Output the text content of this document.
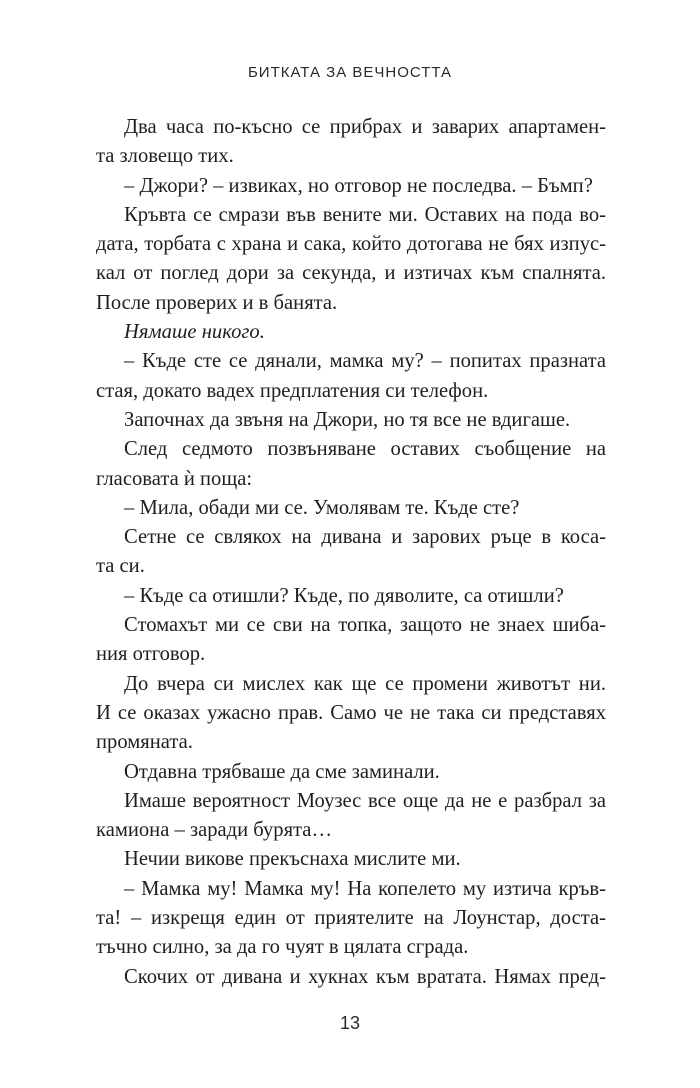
БИТКАТА ЗА ВЕЧНОСТТА
Два часа по-късно се прибрах и заварих апартамен-
та зловещо тих.
– Джори? – извиках, но отговор не последва. – Бъмп?
Кръвта се смрази във вените ми. Оставих на пода во-
дата, торбата с храна и сака, който дотогава не бях изпус-
кал от поглед дори за секунда, и изтичах към спалнята.
После проверих и в банята.
Нямаше никого.
– Къде сте се дянали, мамка му? – попитах празната
стая, докато вадех предплатения си телефон.
Започнах да звъня на Джори, но тя все не вдигаше.
След седмото позвъняване оставих съобщение на
гласовата ѝ поща:
– Мила, обади ми се. Умолявам те. Къде сте?
Сетне се свлякох на дивана и зарових ръце в коса-
та си.
– Къде са отишли? Къде, по дяволите, са отишли?
Стомахът ми се сви на топка, защото не знаех шиба-
ния отговор.
До вчера си мислех как ще се промени животът ни.
И се оказах ужасно прав. Само че не така си представях
промяната.
Отдавна трябваше да сме заминали.
Имаше вероятност Моузес все още да не е разбрал за
камиона – заради бурята…
Нечии викове прекъснаха мислите ми.
– Мамка му! Мамка му! На копелето му изтича кръв-
та! – изкрещя един от приятелите на Лоунстар, доста-
тъчно силно, за да го чуят в цялата сграда.
Скочих от дивана и хукнах към вратата. Нямах пред-
13
